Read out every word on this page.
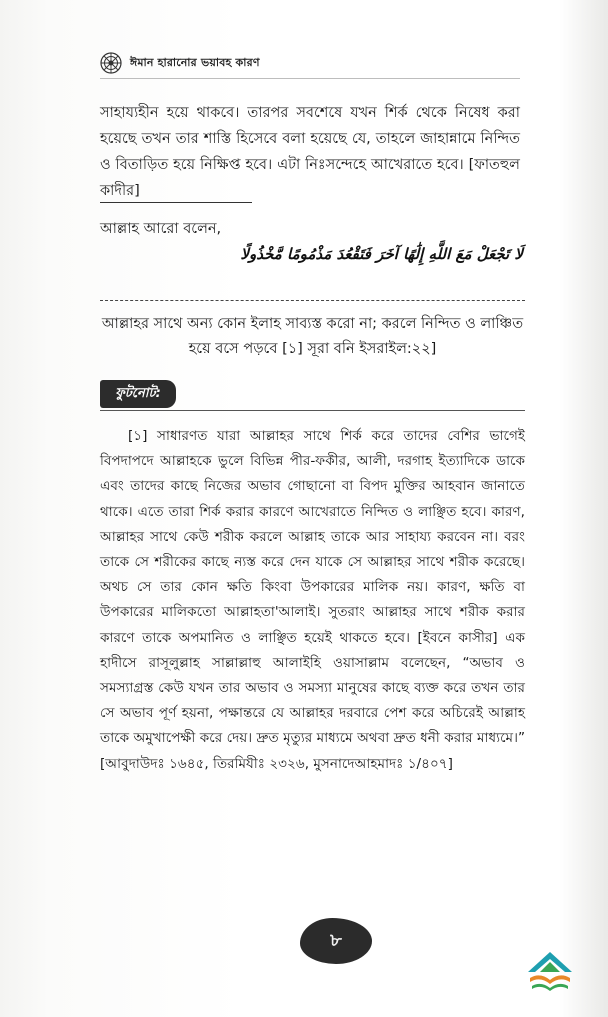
ঈমান হারানোর ভয়াবহ কারণ

সাহায্যহীন হয়ে থাকবে। তারপর সবশেষে যখন শির্ক থেকে নিষেধ করা হয়েছে তখন তার শাস্তি হিসেবে বলা হয়েছে যে, তাহলে জাহান্নামে নিন্দিত ও বিতাড়িত হয়ে নিক্ষিপ্ত হবে। এটা নিঃসন্দেহে আখেরাতে হবে। [ফাতহুল কাদীর]

আল্লাহ আরো বলেন,

لَا تَجْعَلْ مَعَ اللَّهِ إِلَٰهًا آخَرَ فَتَقْعُدَ مَذْمُومًا مَّخْذُولًا

আল্লাহর সাথে অন্য কোন ইলাহ সাব্যস্ত করো না; করলে নিন্দিত ও লাঞ্চিত হয়ে বসে পড়বে [১] সূরা বনি ইসরাইল:২২]

ফুটনোট:

[১] সাধারণত যারা আল্লাহর সাথে শির্ক করে তাদের বেশির ভাগেই বিপদাপদে আল্লাহকে ভুলে বিভিন্ন পীর-ফকীর, আলী, দরগাহ ইত্যাদিকে ডাকে এবং তাদের কাছে নিজের অভাব গোছানো বা বিপদ মুক্তির আহবান জানাতে থাকে। এতে তারা শির্ক করার কারণে আখেরাতে নিন্দিত ও লাঞ্ছিত হবে। কারণ, আল্লাহর সাথে কেউ শরীক করলে আল্লাহ তাকে আর সাহায্য করবেন না। বরং তাকে সে শরীকের কাছে ন্যস্ত করে দেন যাকে সে আল্লাহর সাথে শরীক করেছে। অথচ সে তার কোন ক্ষতি কিংবা উপকারের মালিক নয়। কারণ, ক্ষতি বা উপকারের মালিকতো আল্লাহতা'আলাই। সুতরাং আল্লাহর সাথে শরীক করার কারণে তাকে অপমানিত ও লাঞ্ছিত হয়েই থাকতে হবে। [ইবনে কাসীর] এক হাদীসে রাসূলুল্লাহ সাল্লাল্লাহু আলাইহি ওয়াসাল্লাম বলেছেন, “অভাব ও সমস্যাগ্রস্ত কেউ যখন তার অভাব ও সমস্যা মানুষের কাছে ব্যক্ত করে তখন তার সে অভাব পূর্ণ হয়না, পক্ষান্তরে যে আল্লাহর দরবারে পেশ করে অচিরেই আল্লাহ তাকে অমুখাপেক্ষী করে দেয়। দ্রুত মৃত্যুর মাধ্যমে অথবা দ্রুত ধনী করার মাধ্যমে।” [আবুদাউদঃ ১৬৪৫, তিরমিযীঃ ২৩২৬, মুসনাদেআহমাদঃ ১/৪০৭]

৮
